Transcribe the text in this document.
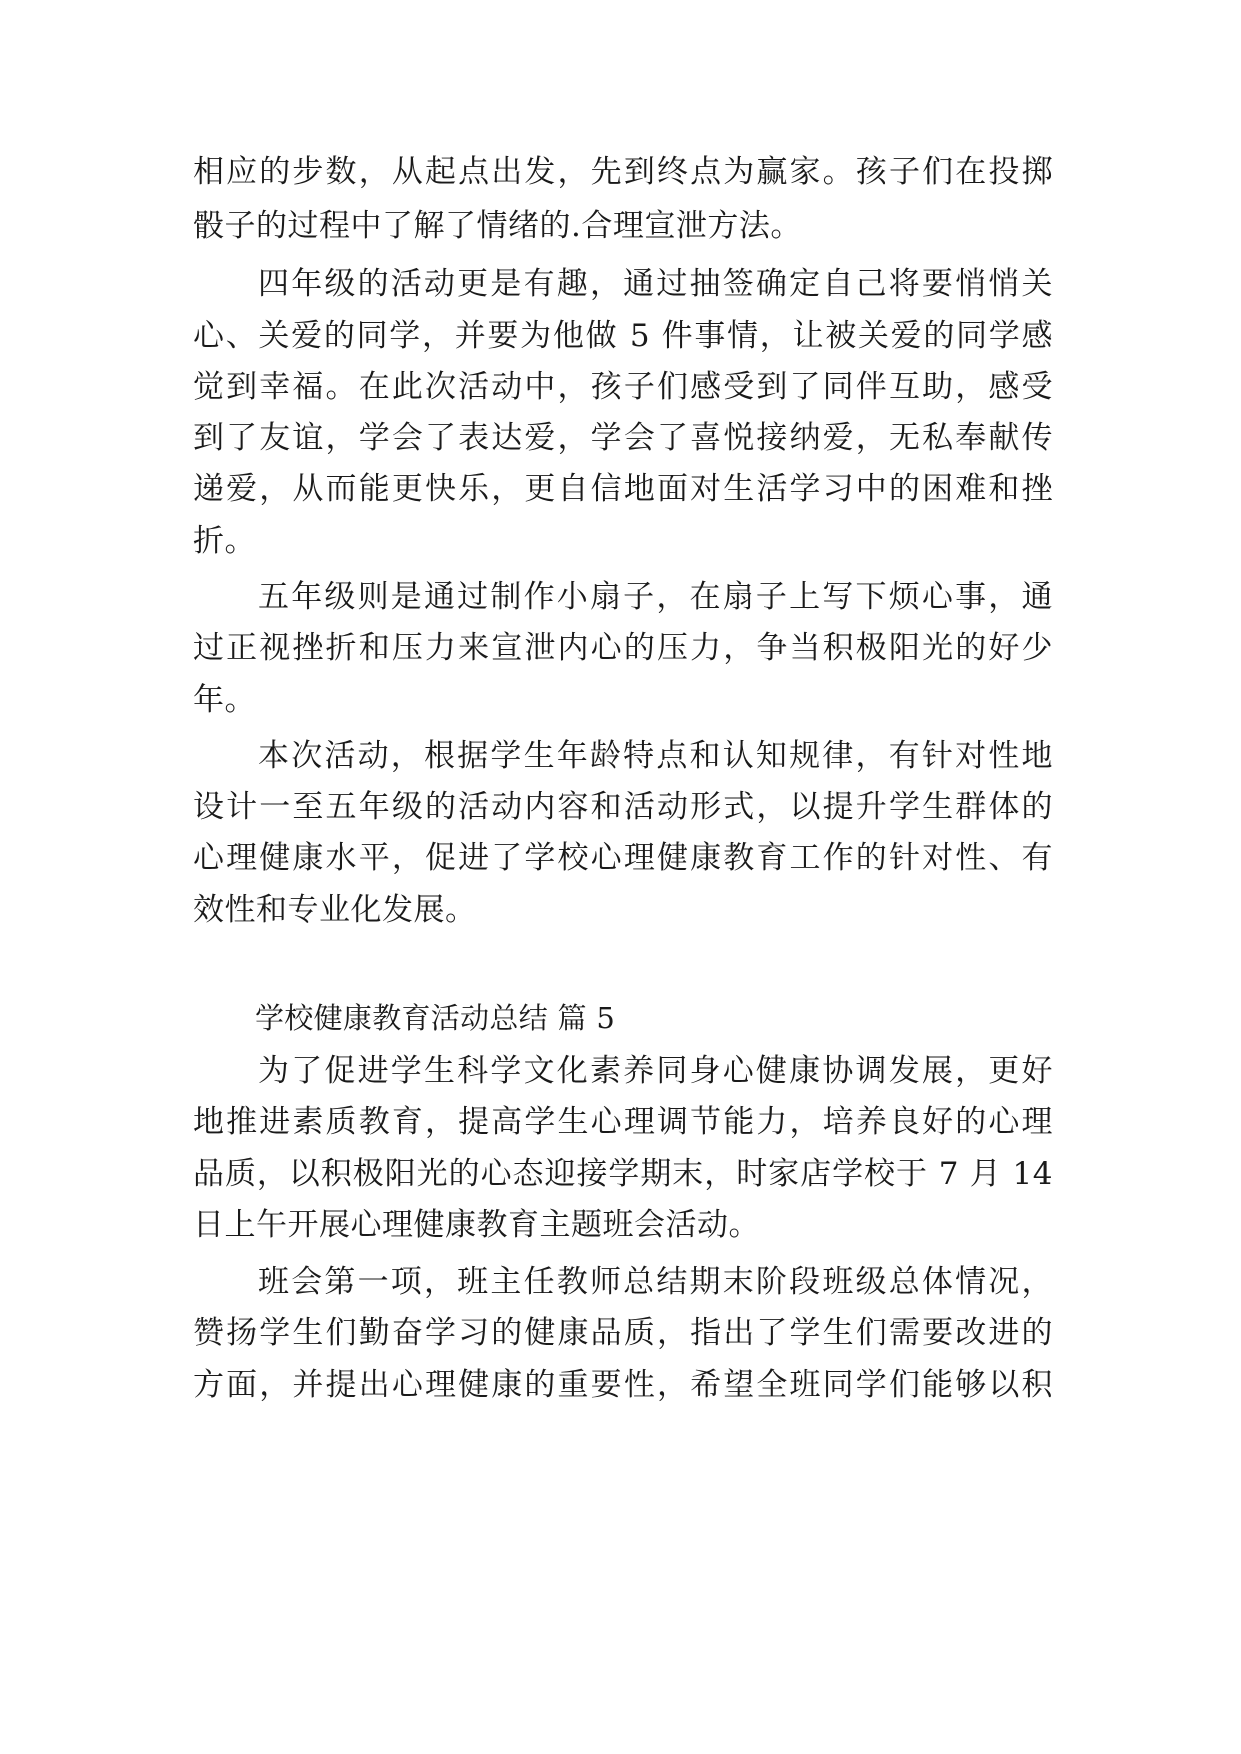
相应的步数，从起点出发，先到终点为赢家。孩子们在投掷
骰子的过程中了解了情绪的.合理宣泄方法。
四年级的活动更是有趣，通过抽签确定自己将要悄悄关
心、关爱的同学，并要为他做 5 件事情，让被关爱的同学感
觉到幸福。在此次活动中，孩子们感受到了同伴互助，感受
到了友谊，学会了表达爱，学会了喜悦接纳爱，无私奉献传
递爱，从而能更快乐，更自信地面对生活学习中的困难和挫
折。
五年级则是通过制作小扇子，在扇子上写下烦心事，通
过正视挫折和压力来宣泄内心的压力，争当积极阳光的好少
年。
本次活动，根据学生年龄特点和认知规律，有针对性地
设计一至五年级的活动内容和活动形式，以提升学生群体的
心理健康水平，促进了学校心理健康教育工作的针对性、有
效性和专业化发展。
学校健康教育活动总结 篇 5
为了促进学生科学文化素养同身心健康协调发展，更好
地推进素质教育，提高学生心理调节能力，培养良好的心理
品质，以积极阳光的心态迎接学期末，时家店学校于 7 月 14
日上午开展心理健康教育主题班会活动。
班会第一项，班主任教师总结期末阶段班级总体情况，
赞扬学生们勤奋学习的健康品质，指出了学生们需要改进的
方面，并提出心理健康的重要性，希望全班同学们能够以积
